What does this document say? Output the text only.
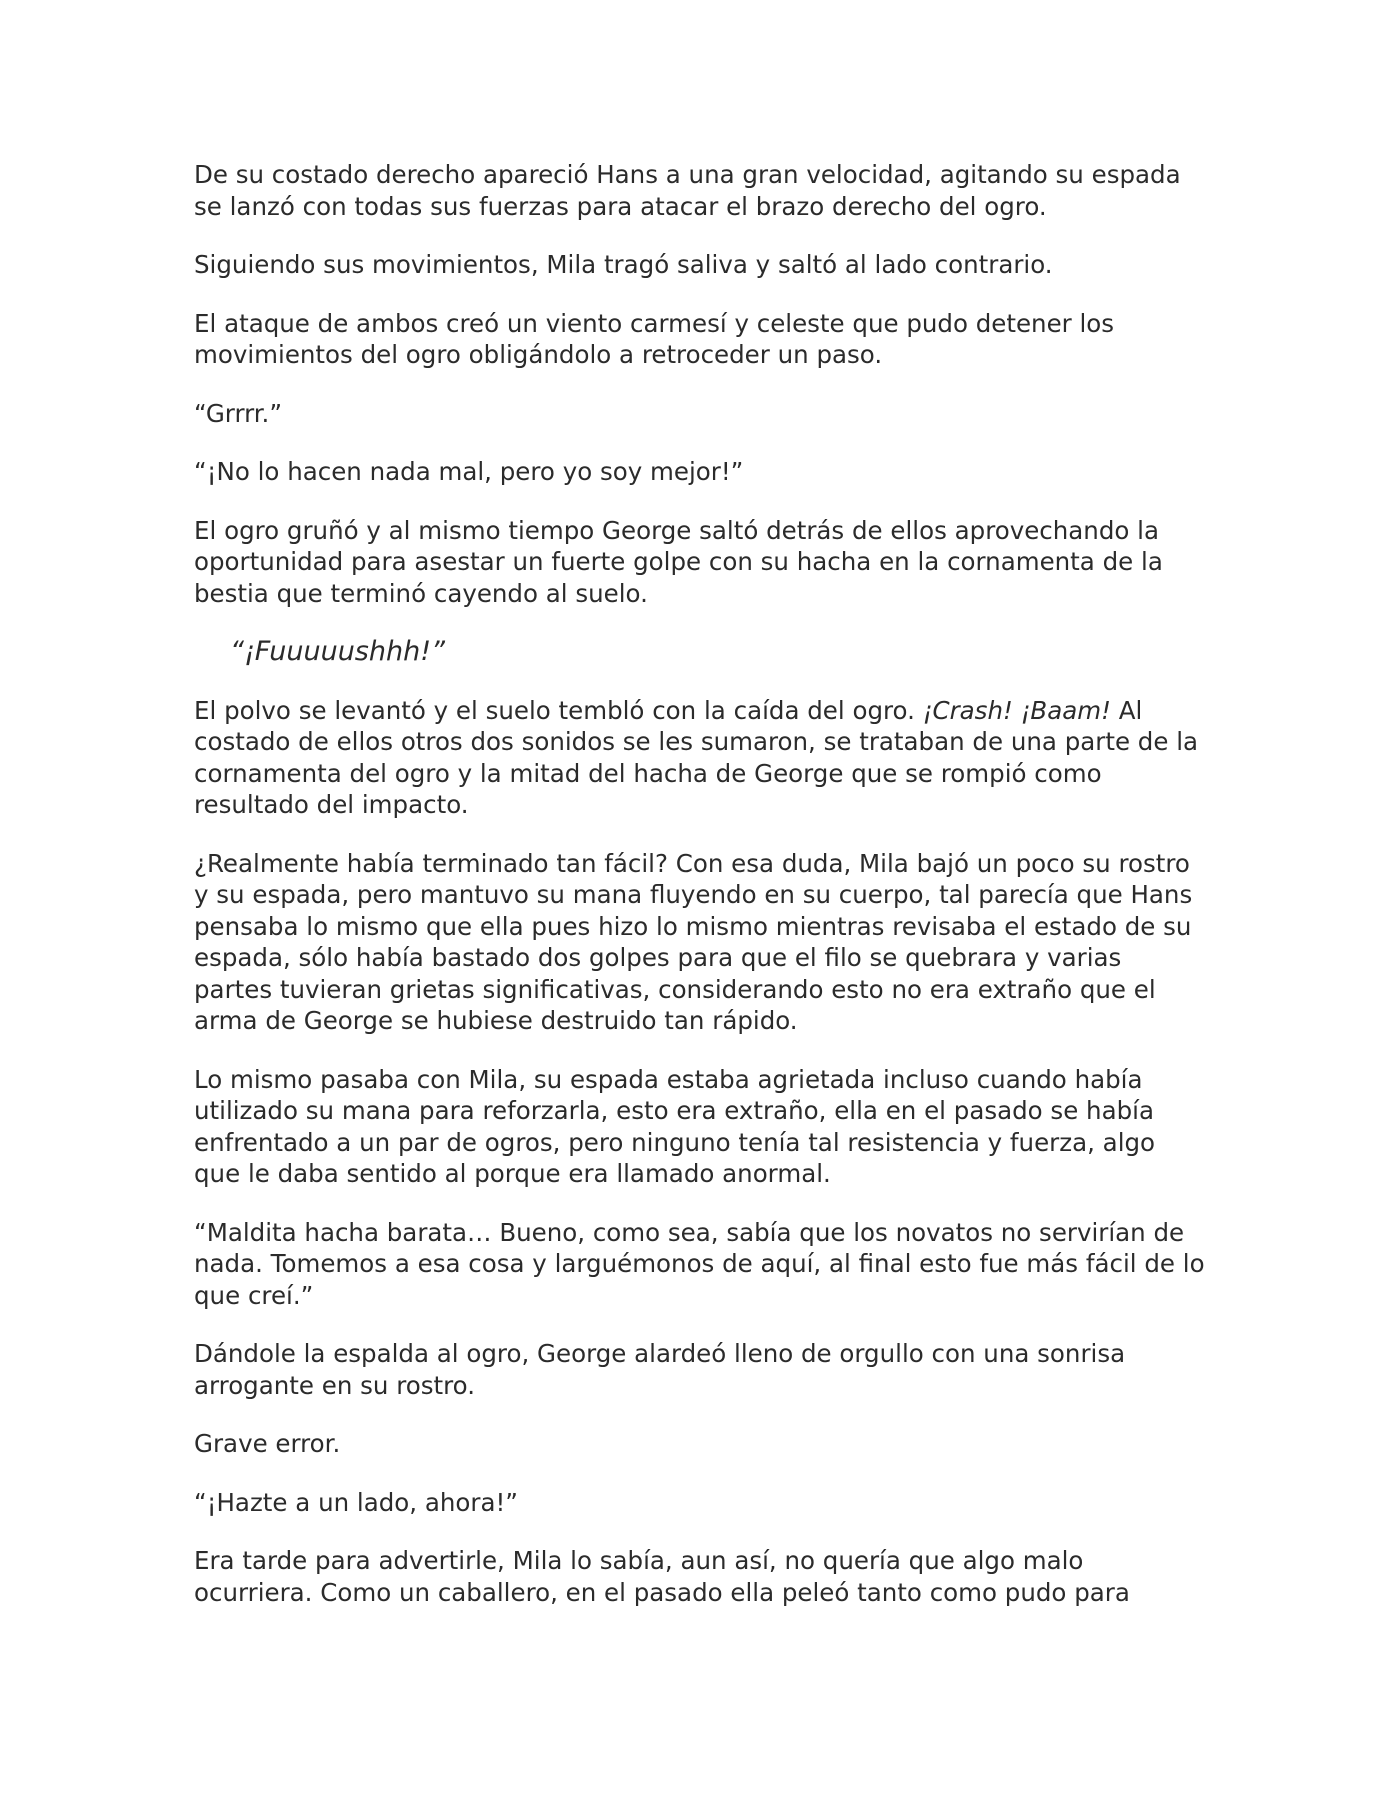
De su costado derecho apareció Hans a una gran velocidad, agitando su espada se lanzó con todas sus fuerzas para atacar el brazo derecho del ogro.

Siguiendo sus movimientos, Mila tragó saliva y saltó al lado contrario.

El ataque de ambos creó un viento carmesí y celeste que pudo detener los movimientos del ogro obligándolo a retroceder un paso.

“Grrrr.”

“¡No lo hacen nada mal, pero yo soy mejor!”

El ogro gruñó y al mismo tiempo George saltó detrás de ellos aprovechando la oportunidad para asestar un fuerte golpe con su hacha en la cornamenta de la bestia que terminó cayendo al suelo.

“¡Fuuuuushhh!”

El polvo se levantó y el suelo tembló con la caída del ogro. ¡Crash! ¡Baam! Al costado de ellos otros dos sonidos se les sumaron, se trataban de una parte de la cornamenta del ogro y la mitad del hacha de George que se rompió como resultado del impacto.

¿Realmente había terminado tan fácil? Con esa duda, Mila bajó un poco su rostro y su espada, pero mantuvo su mana fluyendo en su cuerpo, tal parecía que Hans pensaba lo mismo que ella pues hizo lo mismo mientras revisaba el estado de su espada, sólo había bastado dos golpes para que el filo se quebrara y varias partes tuvieran grietas significativas, considerando esto no era extraño que el arma de George se hubiese destruido tan rápido.

Lo mismo pasaba con Mila, su espada estaba agrietada incluso cuando había utilizado su mana para reforzarla, esto era extraño, ella en el pasado se había enfrentado a un par de ogros, pero ninguno tenía tal resistencia y fuerza, algo que le daba sentido al porque era llamado anormal.

“Maldita hacha barata… Bueno, como sea, sabía que los novatos no servirían de nada. Tomemos a esa cosa y larguémonos de aquí, al final esto fue más fácil de lo que creí.”

Dándole la espalda al ogro, George alardeó lleno de orgullo con una sonrisa arrogante en su rostro.

Grave error.

“¡Hazte a un lado, ahora!”

Era tarde para advertirle, Mila lo sabía, aun así, no quería que algo malo ocurriera. Como un caballero, en el pasado ella peleó tanto como pudo para
